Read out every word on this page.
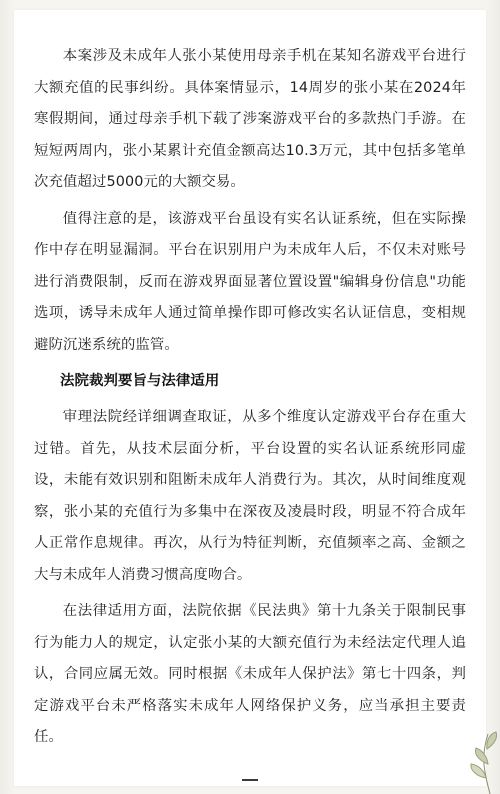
本案涉及未成年人张小某使用母亲手机在某知名游戏平台进行大额充值的民事纠纷。具体案情显示，14周岁的张小某在2024年寒假期间，通过母亲手机下载了涉案游戏平台的多款热门手游。在短短两周内，张小某累计充值金额高达10.3万元，其中包括多笔单次充值超过5000元的大额交易。

值得注意的是，该游戏平台虽设有实名认证系统，但在实际操作中存在明显漏洞。平台在识别用户为未成年人后，不仅未对账号进行消费限制，反而在游戏界面显著位置设置"编辑身份信息"功能选项，诱导未成年人通过简单操作即可修改实名认证信息，变相规避防沉迷系统的监管。

法院裁判要旨与法律适用

审理法院经详细调查取证，从多个维度认定游戏平台存在重大过错。首先，从技术层面分析，平台设置的实名认证系统形同虚设，未能有效识别和阻断未成年人消费行为。其次，从时间维度观察，张小某的充值行为多集中在深夜及凌晨时段，明显不符合成年人正常作息规律。再次，从行为特征判断，充值频率之高、金额之大与未成年人消费习惯高度吻合。

在法律适用方面，法院依据《民法典》第十九条关于限制民事行为能力人的规定，认定张小某的大额充值行为未经法定代理人追认，合同应属无效。同时根据《未成年人保护法》第七十四条，判定游戏平台未严格落实未成年人网络保护义务，应当承担主要责任。
